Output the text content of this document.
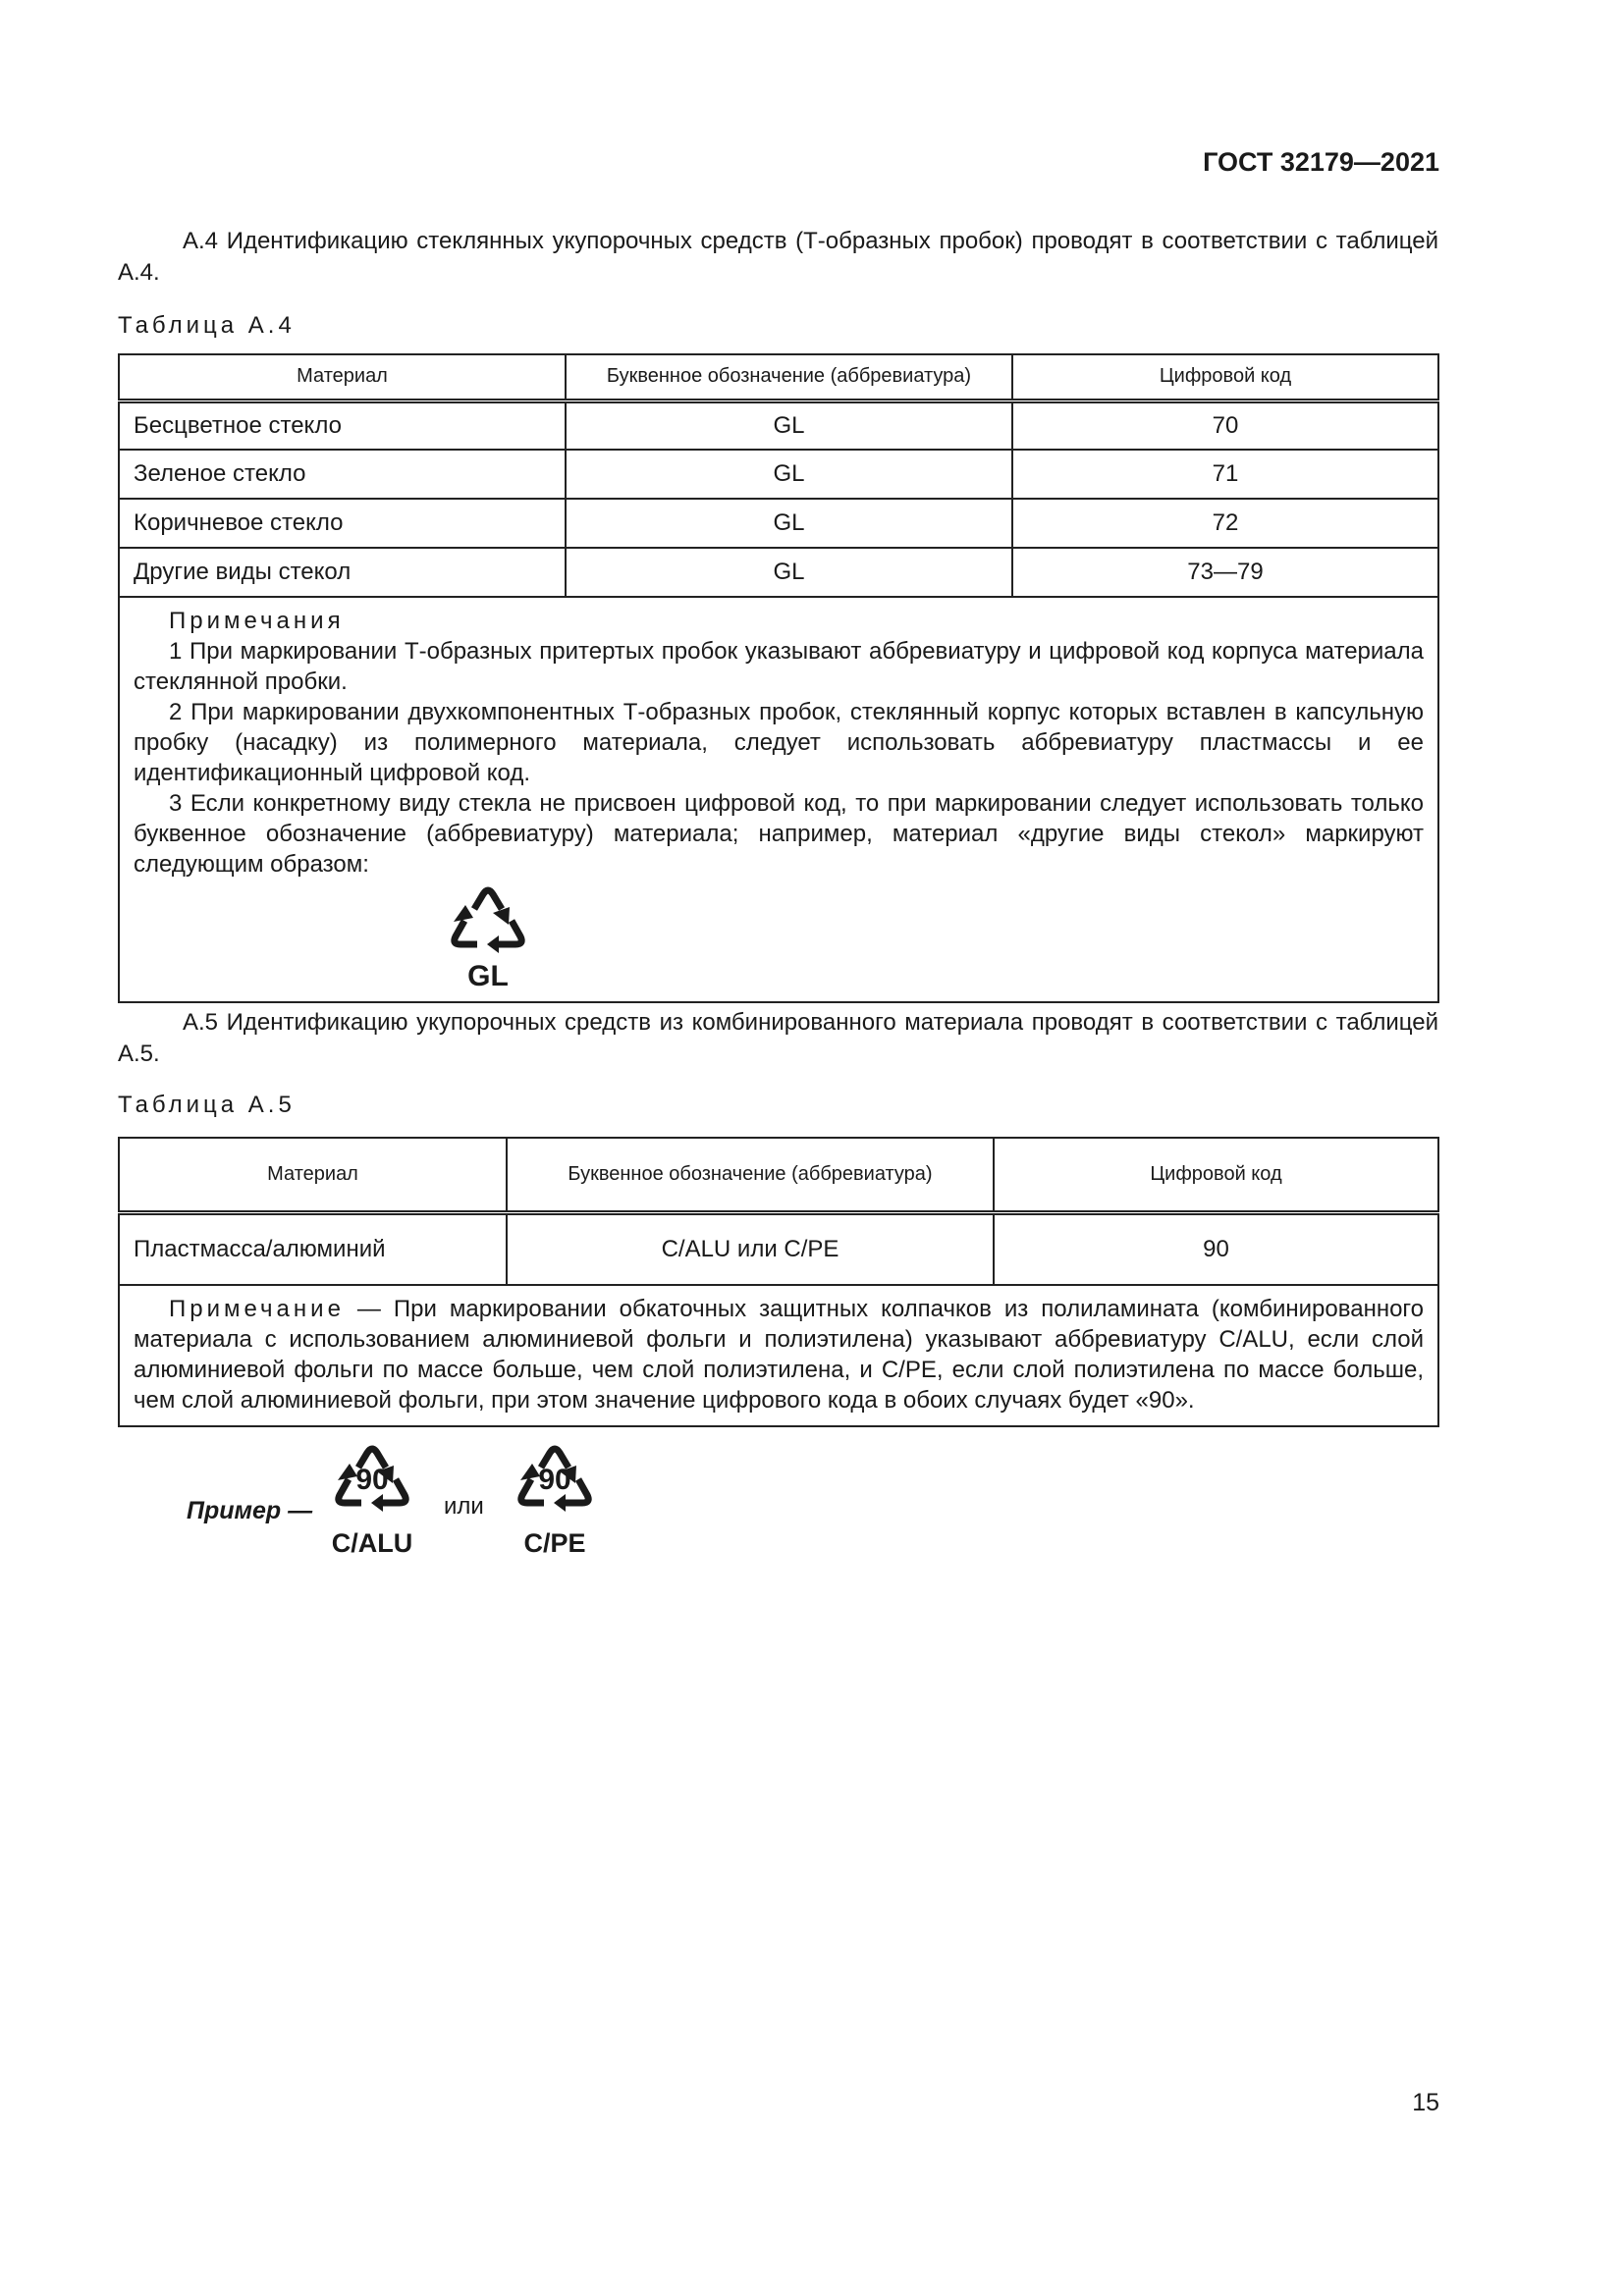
ГОСТ 32179—2021

А.4 Идентификацию стеклянных укупорочных средств (Т-образных пробок) проводят в соответствии с таблицей А.4.

Таблица А.4
Материал	Буквенное обозначение (аббревиатура)	Цифровой код
Бесцветное стекло	GL	70
Зеленое стекло	GL	71
Коричневое стекло	GL	72
Другие виды стекол	GL	73—79

Примечания

1 При маркировании Т-образных притертых пробок указывают аббревиатуру и цифровой код корпуса материала стеклянной пробки.

2 При маркировании двухкомпонентных Т-образных пробок, стеклянный корпус которых вставлен в капсульную пробку (насадку) из полимерного материала, следует использовать аббревиатуру пластмассы и ее идентификационный цифровой код.

3 Если конкретному виду стекла не присвоен цифровой код, то при маркировании следует использовать только буквенное обозначение (аббревиатуру) материала; например, материал «другие виды стекол» маркируют следующим образом:

GL		

А.5 Идентификацию укупорочных средств из комбинированного материала проводят в соответствии с таблицей А.5.

Таблица А.5
Материал	Буквенное обозначение (аббревиатура)	Цифровой код
Пластмасса/алюминий	С/ALU или С/PE	90

Примечание — При маркировании обкаточных защитных колпачков из полиламината (комбинированного материала с использованием алюминиевой фольги и полиэтилена) указывают аббревиатуру С/ALU, если слой алюминиевой фольги по массе больше, чем слой полиэтилена, и С/PE, если слой полиэтилена по массе больше, чем слой алюминиевой фольги, при этом значение цифрового кода в обоих случаях будет «90».		

Пример —
90
C/ALU
или
90
C/PE
15
